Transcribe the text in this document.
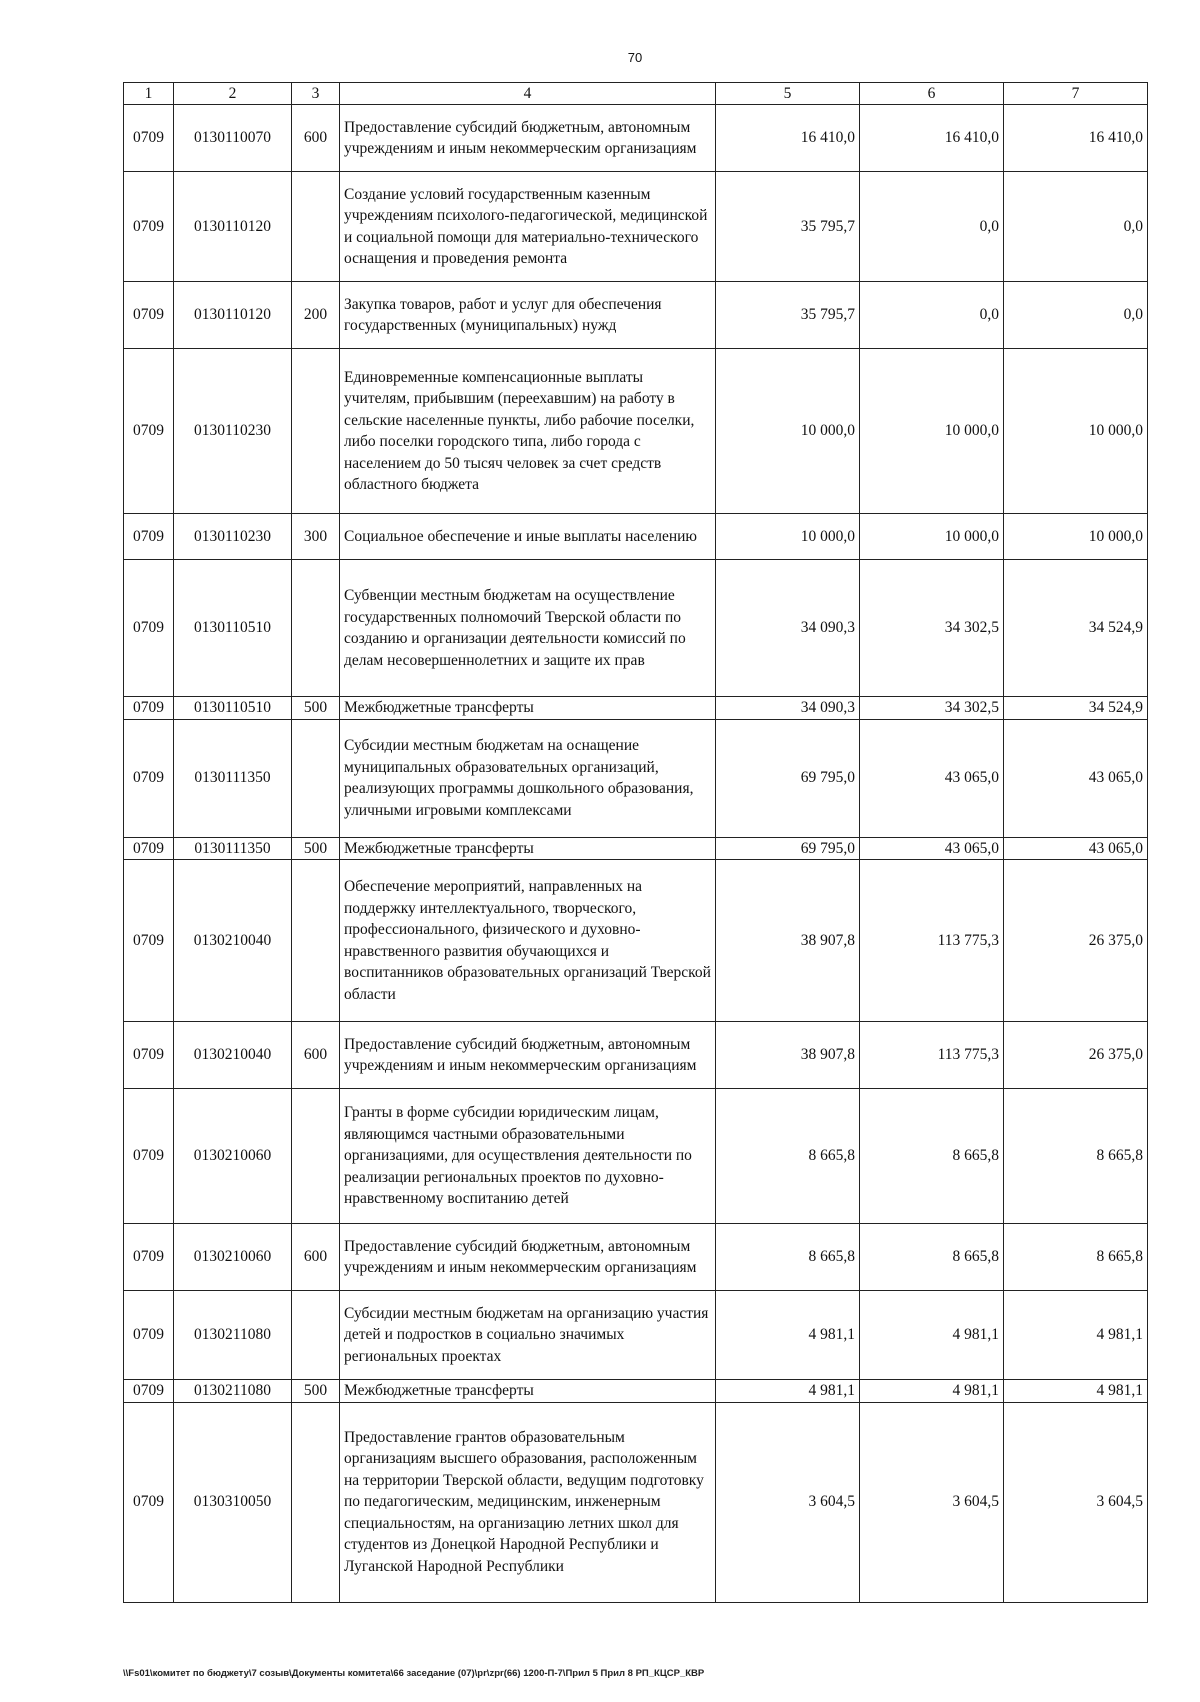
70
1	2	3	4	5	6	7
0709	0130110070	600	Предоставление субсидий бюджетным, автономным учреждениям и иным некоммерческим организациям	16 410,0	16 410,0	16 410,0
0709	0130110120		Создание условий государственным казенным учреждениям психолого-педагогической, медицинской и социальной помощи для материально-технического оснащения и проведения ремонта	35 795,7	0,0	0,0
0709	0130110120	200	Закупка товаров, работ и услуг для обеспечения государственных (муниципальных) нужд	35 795,7	0,0	0,0
0709	0130110230		Единовременные компенсационные выплаты учителям, прибывшим (переехавшим) на работу в сельские населенные пункты, либо рабочие поселки, либо поселки городского типа, либо города с населением до 50 тысяч человек за счет средств областного бюджета	10 000,0	10 000,0	10 000,0
0709	0130110230	300	Социальное обеспечение и иные выплаты населению	10 000,0	10 000,0	10 000,0
0709	0130110510		Субвенции местным бюджетам на осуществление государственных полномочий Тверской области по созданию и организации деятельности комиссий по делам несовершеннолетних и защите их прав	34 090,3	34 302,5	34 524,9
0709	0130110510	500	Межбюджетные трансферты	34 090,3	34 302,5	34 524,9
0709	0130111350		Субсидии местным бюджетам на оснащение муниципальных образовательных организаций, реализующих программы дошкольного образования, уличными игровыми комплексами	69 795,0	43 065,0	43 065,0
0709	0130111350	500	Межбюджетные трансферты	69 795,0	43 065,0	43 065,0
0709	0130210040		Обеспечение мероприятий, направленных на поддержку интеллектуального, творческого, профессионального, физического и духовно-нравственного развития обучающихся и воспитанников образовательных организаций Тверской области	38 907,8	113 775,3	26 375,0
0709	0130210040	600	Предоставление субсидий бюджетным, автономным учреждениям и иным некоммерческим организациям	38 907,8	113 775,3	26 375,0
0709	0130210060		Гранты в форме субсидии юридическим лицам, являющимся частными образовательными организациями, для осуществления деятельности по реализации региональных проектов по духовно-нравственному воспитанию детей	8 665,8	8 665,8	8 665,8
0709	0130210060	600	Предоставление субсидий бюджетным, автономным учреждениям и иным некоммерческим организациям	8 665,8	8 665,8	8 665,8
0709	0130211080		Субсидии местным бюджетам на организацию участия детей и подростков в социально значимых региональных проектах	4 981,1	4 981,1	4 981,1
0709	0130211080	500	Межбюджетные трансферты	4 981,1	4 981,1	4 981,1
0709	0130310050		Предоставление грантов образовательным организациям высшего образования, расположенным на территории Тверской области, ведущим подготовку по педагогическим, медицинским, инженерным специальностям, на организацию летних школ для студентов из Донецкой Народной Республики и Луганской Народной Республики	3 604,5	3 604,5	3 604,5
\\Fs01\комитет по бюджету\7 созыв\Документы комитета\66 заседание (07)\pr\zpr(66) 1200-П-7\Прил 5 Прил 8 РП_КЦСР_КВР
